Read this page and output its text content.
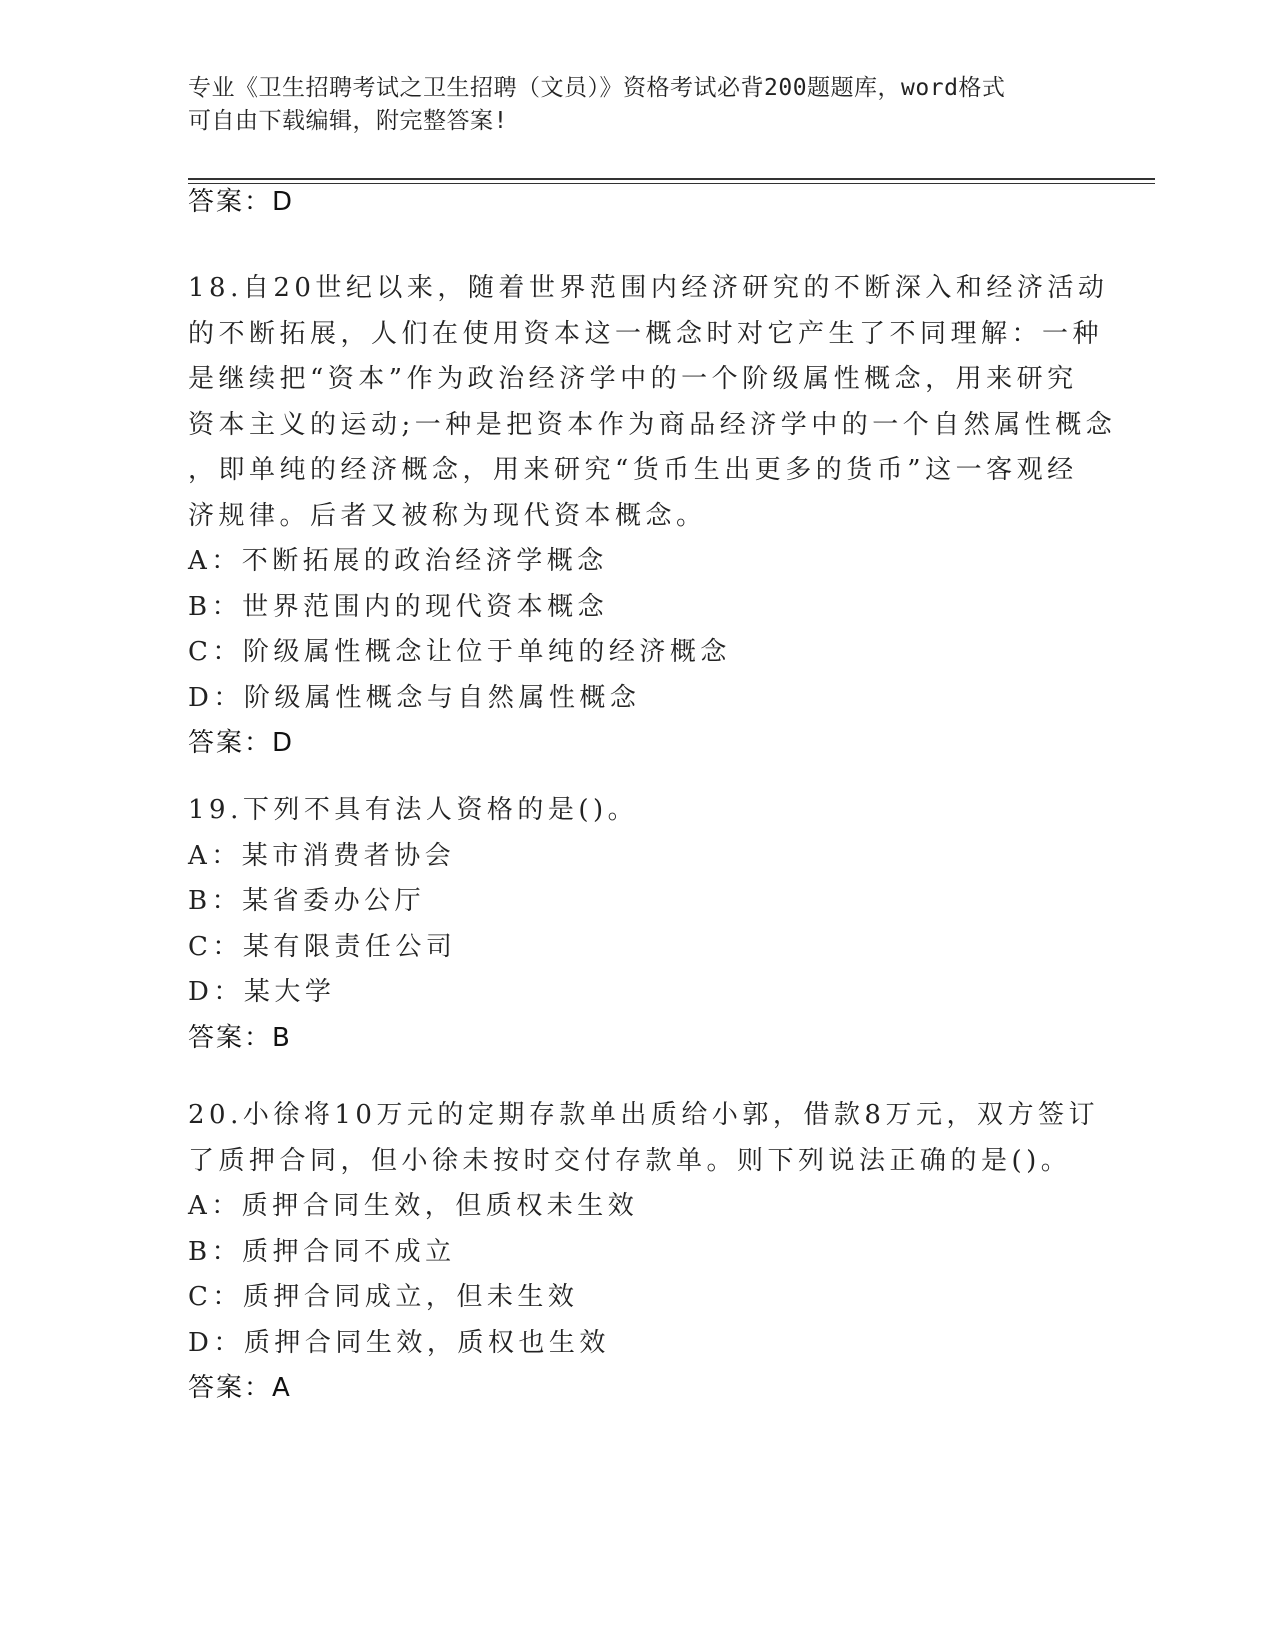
专业《卫生招聘考试之卫生招聘（文员）》资格考试必背200题题库，word格式
可自由下载编辑，附完整答案!
答案：D

18.自20世纪以来，随着世界范围内经济研究的不断深入和经济活动

的不断拓展，人们在使用资本这一概念时对它产生了不同理解：一种

是继续把“资本”作为政治经济学中的一个阶级属性概念，用来研究

资本主义的运动;一种是把资本作为商品经济学中的一个自然属性概念

，即单纯的经济概念，用来研究“货币生出更多的货币”这一客观经

济规律。后者又被称为现代资本概念。

A：不断拓展的政治经济学概念

B：世界范围内的现代资本概念

C：阶级属性概念让位于单纯的经济概念

D：阶级属性概念与自然属性概念

答案：D

19.下列不具有法人资格的是()。

A：某市消费者协会

B：某省委办公厅

C：某有限责任公司

D：某大学

答案：B

20.小徐将10万元的定期存款单出质给小郭，借款8万元，双方签订

了质押合同，但小徐未按时交付存款单。则下列说法正确的是()。

A：质押合同生效，但质权未生效

B：质押合同不成立

C：质押合同成立，但未生效

D：质押合同生效，质权也生效

答案：A
